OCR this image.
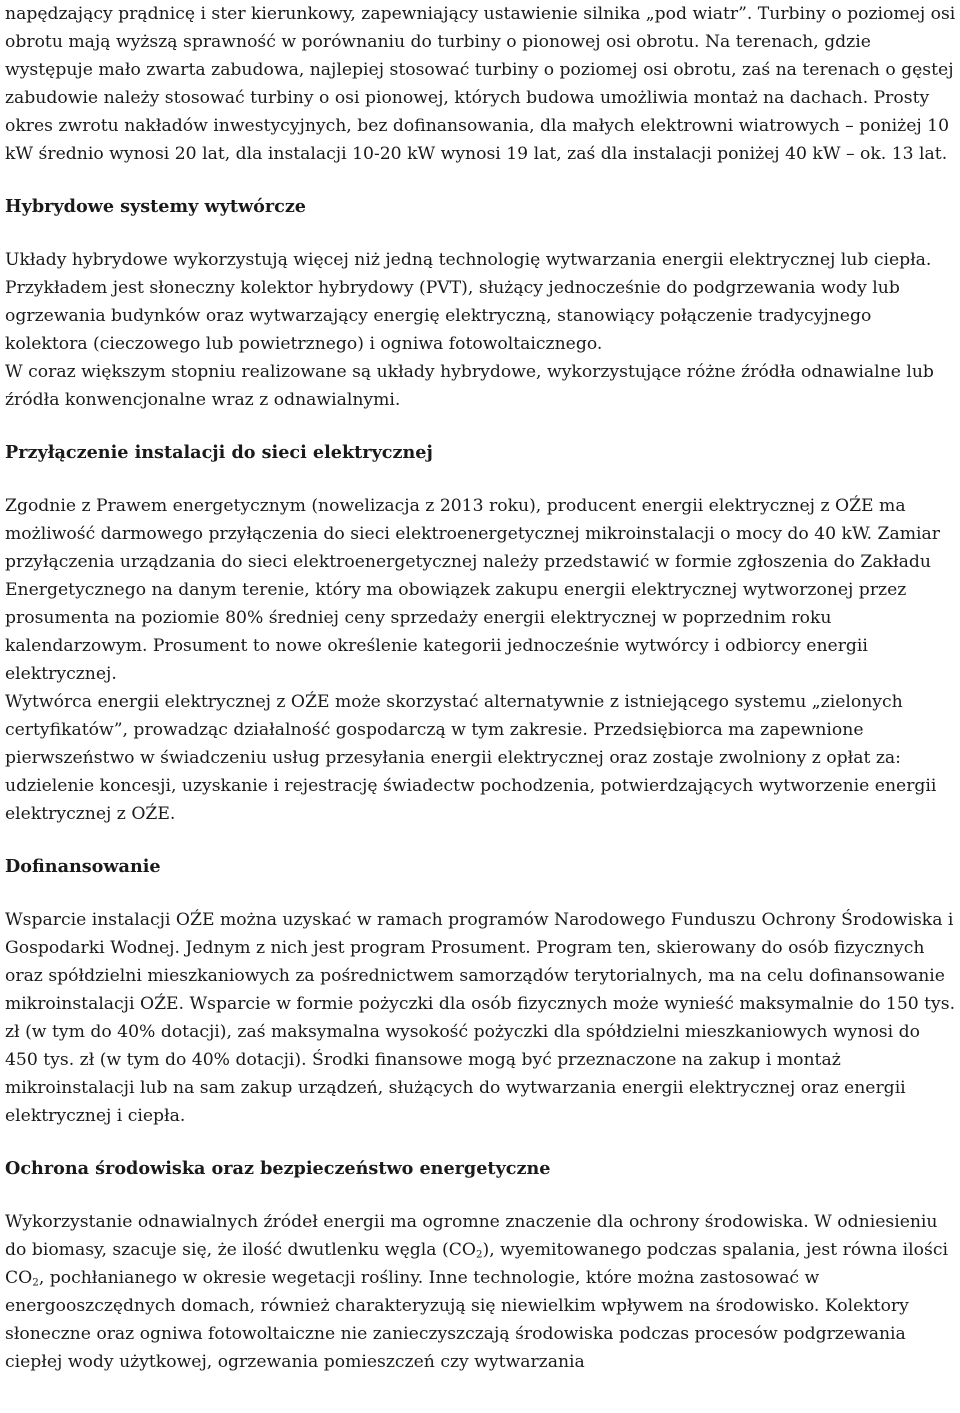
napędzający prądnicę i ster kierunkowy, zapewniający ustawienie silnika „pod wiatr”. Turbiny o poziomej osi obrotu mają wyższą sprawność w porównaniu do turbiny o pionowej osi obrotu. Na terenach, gdzie występuje mało zwarta zabudowa, najlepiej stosować turbiny o poziomej osi obrotu, zaś na terenach o gęstej zabudowie należy stosować turbiny o osi pionowej, których budowa umożliwia montaż na dachach. Prosty okres zwrotu nakładów inwestycyjnych, bez dofinansowania, dla małych elektrowni wiatrowych – poniżej 10 kW średnio wynosi 20 lat, dla instalacji 10-20 kW wynosi 19 lat, zaś dla instalacji poniżej 40 kW – ok. 13 lat.

Hybrydowe systemy wytwórcze

Układy hybrydowe wykorzystują więcej niż jedną technologię wytwarzania energii elektrycznej lub ciepła. Przykładem jest słoneczny kolektor hybrydowy (PVT), służący jednocześnie do podgrzewania wody lub ogrzewania budynków oraz wytwarzający energię elektryczną, stanowiący połączenie tradycyjnego kolektora (cieczowego lub powietrznego) i ogniwa fotowoltaicznego.

W coraz większym stopniu realizowane są układy hybrydowe, wykorzystujące różne źródła odnawialne lub źródła konwencjonalne wraz z odnawialnymi.

Przyłączenie instalacji do sieci elektrycznej

Zgodnie z Prawem energetycznym (nowelizacja z 2013 roku), producent energii elektrycznej z OŹE ma możliwość darmowego przyłączenia do sieci elektroenergetycznej mikroinstalacji o mocy do 40 kW. Zamiar przyłączenia urządzania do sieci elektroenergetycznej należy przedstawić w formie zgłoszenia do Zakładu Energetycznego na danym terenie, który ma obowiązek zakupu energii elektrycznej wytworzonej przez prosumenta na poziomie 80% średniej ceny sprzedaży energii elektrycznej w poprzednim roku kalendarzowym. Prosument to nowe określenie kategorii jednocześnie wytwórcy i odbiorcy energii elektrycznej.

Wytwórca energii elektrycznej z OŹE może skorzystać alternatywnie z istniejącego systemu „zielonych certyfikatów”, prowadząc działalność gospodarczą w tym zakresie. Przedsiębiorca ma zapewnione pierwszeństwo w świadczeniu usług przesyłania energii elektrycznej oraz zostaje zwolniony z opłat za: udzielenie koncesji, uzyskanie i rejestrację świadectw pochodzenia, potwierdzających wytworzenie energii elektrycznej z OŹE.

Dofinansowanie

Wsparcie instalacji OŹE można uzyskać w ramach programów Narodowego Funduszu Ochrony Środowiska i Gospodarki Wodnej. Jednym z nich jest program Prosument. Program ten, skierowany do osób fizycznych oraz spółdzielni mieszkaniowych za pośrednictwem samorządów terytorialnych, ma na celu dofinansowanie mikroinstalacji OŹE. Wsparcie w formie pożyczki dla osób fizycznych może wynieść maksymalnie do 150 tys. zł (w tym do 40% dotacji), zaś maksymalna wysokość pożyczki dla spółdzielni mieszkaniowych wynosi do 450 tys. zł (w tym do 40% dotacji). Środki finansowe mogą być przeznaczone na zakup i montaż mikroinstalacji lub na sam zakup urządzeń, służących do wytwarzania energii elektrycznej oraz energii elektrycznej i ciepła.

Ochrona środowiska oraz bezpieczeństwo energetyczne

Wykorzystanie odnawialnych źródeł energii ma ogromne znaczenie dla ochrony środowiska. W odniesieniu do biomasy, szacuje się, że ilość dwutlenku węgla $(CO_2)$, wyemitowanego podczas spalania, jest równa ilości $CO_2$, pochłanianego w okresie wegetacji rośliny. Inne technologie, które można zastosować w energooszczędnych domach, również charakteryzują się niewielkim wpływem na środowisko. Kolektory słoneczne oraz ogniwa fotowoltaiczne nie zanieczyszczają środowiska podczas procesów podgrzewania ciepłej wody użytkowej, ogrzewania pomieszczeń czy wytwarzania
